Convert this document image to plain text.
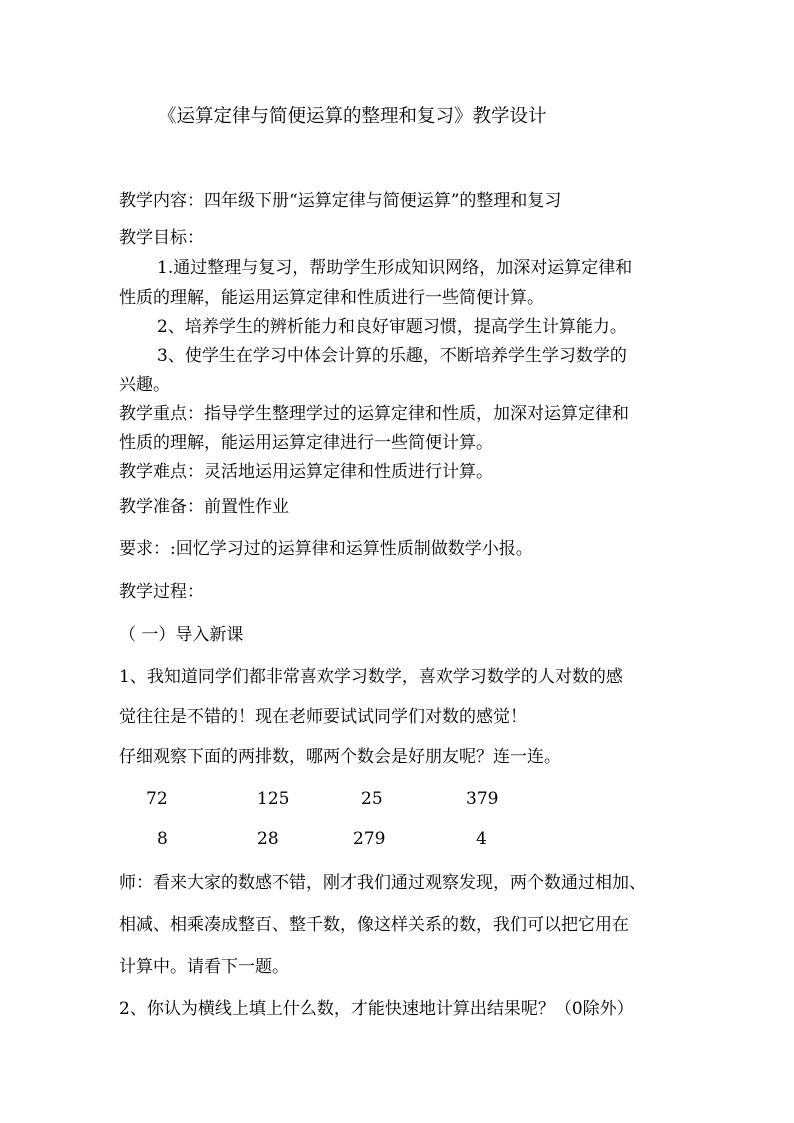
《运算定律与简便运算的整理和复习》教学设计
教学内容：四年级下册“运算定律与简便运算”的整理和复习
教学目标：
1.通过整理与复习，帮助学生形成知识网络，加深对运算定律和
性质的理解，能运用运算定律和性质进行一些简便计算。
2、培养学生的辨析能力和良好审题习惯，提高学生计算能力。
3、使学生在学习中体会计算的乐趣，不断培养学生学习数学的
兴趣。
教学重点：指导学生整理学过的运算定律和性质，加深对运算定律和
性质的理解，能运用运算定律进行一些简便计算。
教学难点：灵活地运用运算定律和性质进行计算。
教学准备：前置性作业
要求：:回忆学习过的运算律和运算性质制做数学小报。
教学过程：
（ 一）导入新课
1、我知道同学们都非常喜欢学习数学，喜欢学习数学的人对数的感
觉往往是不错的！现在老师要试试同学们对数的感觉！
仔细观察下面的两排数，哪两个数会是好朋友呢？连一连。
72	125	25	379
8	28	279	4
师：看来大家的数感不错，刚才我们通过观察发现，两个数通过相加、
相减、相乘凑成整百、整千数，像这样关系的数，我们可以把它用在
计算中。请看下一题。
2、你认为横线上填上什么数，才能快速地计算出结果呢？（0除外）
